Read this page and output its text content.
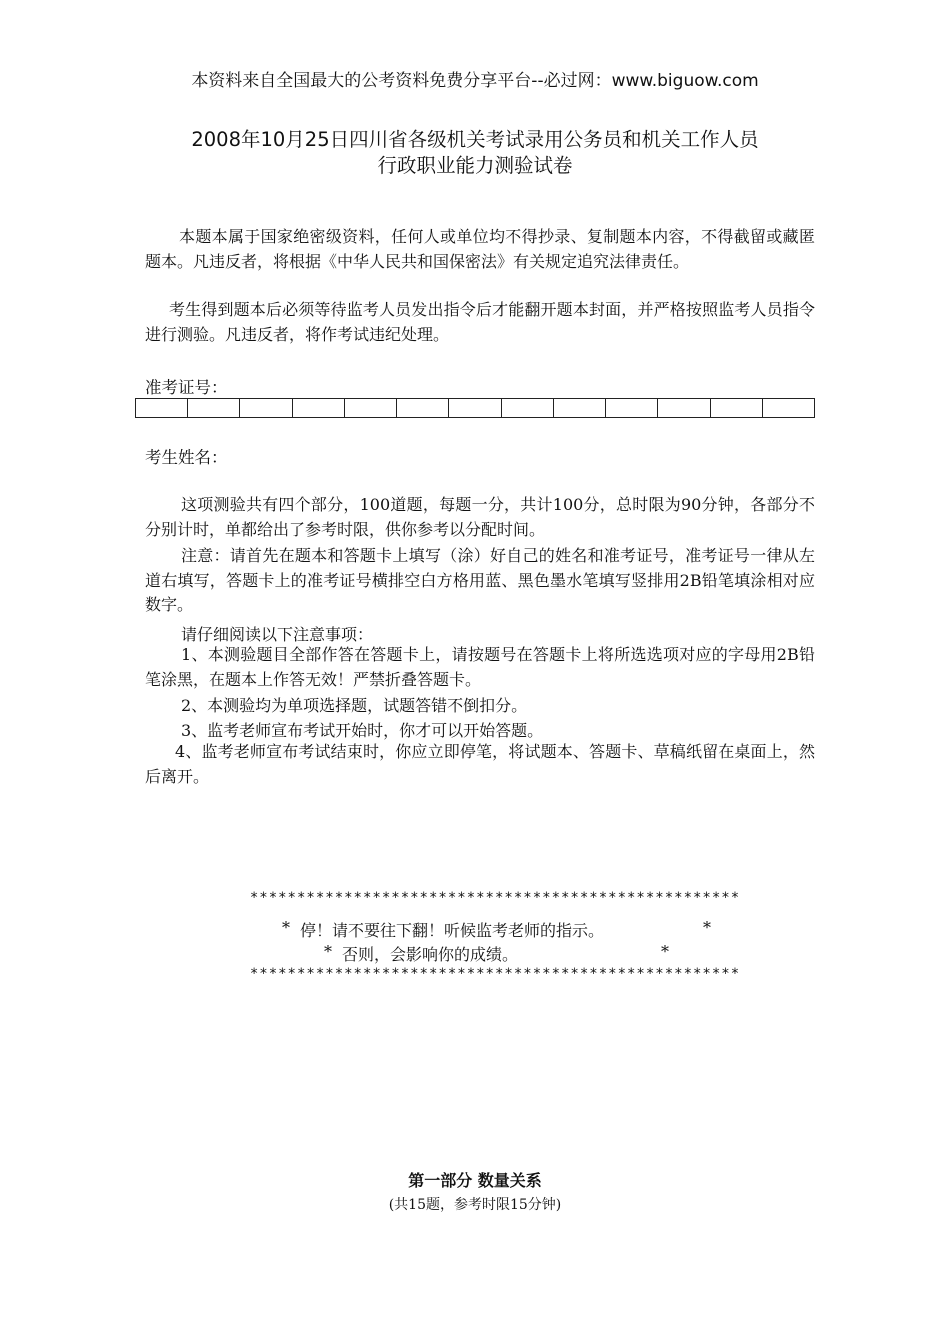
本资料来自全国最大的公考资料免费分享平台--必过网：www.biguow.com
2008年10月25日四川省各级机关考试录用公务员和机关工作人员
行政职业能力测验试卷
本题本属于国家绝密级资料，任何人或单位均不得抄录、复制题本内容，不得截留或藏匿题本。凡违反者，将根据《中华人民共和国保密法》有关规定追究法律责任。
考生得到题本后必须等待监考人员发出指令后才能翻开题本封面，并严格按照监考人员指令进行测验。凡违反者，将作考试违纪处理。
准考证号：
考生姓名：
这项测验共有四个部分，100道题，每题一分，共计100分，总时限为90分钟，各部分不分别计时，单都给出了参考时限，供你参考以分配时间。
注意：请首先在题本和答题卡上填写（涂）好自己的姓名和准考证号，准考证号一律从左道右填写，答题卡上的准考证号横排空白方格用蓝、黑色墨水笔填写竖排用2B铅笔填涂相对应数字。
请仔细阅读以下注意事项：
1、本测验题目全部作答在答题卡上，请按题号在答题卡上将所选选项对应的字母用2B铅笔涂黑，在题本上作答无效！严禁折叠答题卡。
2、本测验均为单项选择题，试题答错不倒扣分。
3、监考老师宣布考试开始时，你才可以开始答题。
4、监考老师宣布考试结束时，你应立即停笔，将试题本、答题卡、草稿纸留在桌面上，然后离开。
****************************************************
* 停！请不要往下翻！听候监考老师的指示。	*
* 否则，会影响你的成绩。	*
****************************************************
第一部分 数量关系
(共15题，参考时限15分钟)
